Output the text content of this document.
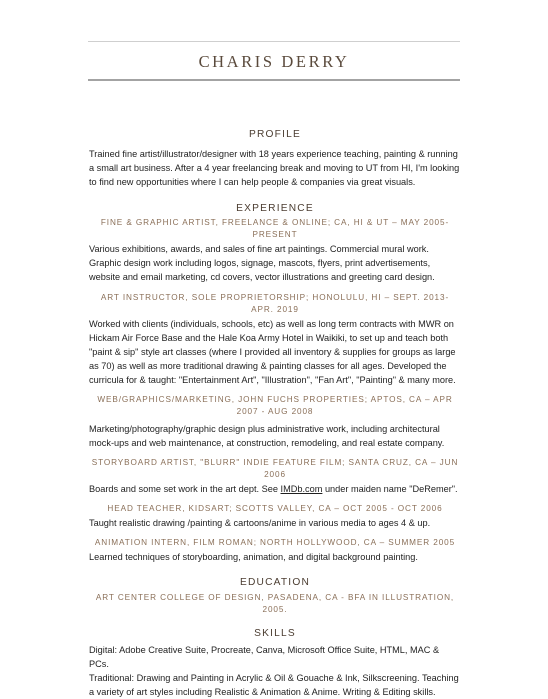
CHARIS DERRY

PROFILE

Trained fine artist/illustrator/designer with 18 years experience teaching, painting & running a small art business. After a 4 year freelancing break and moving to UT from HI, I'm looking to find new opportunities where I can help people & companies via great visuals.

EXPERIENCE

FINE & GRAPHIC ARTIST, FREELANCE & ONLINE; CA, HI & UT – MAY 2005-PRESENT

Various exhibitions, awards, and sales of fine art paintings. Commercial mural work. Graphic design work including logos, signage, mascots, flyers, print advertisements, website and email marketing, cd covers, vector illustrations and greeting card design.

ART INSTRUCTOR, SOLE PROPRIETORSHIP; HONOLULU, HI – SEPT. 2013- APR. 2019

Worked with clients (individuals, schools, etc) as well as long term contracts with MWR on Hickam Air Force Base and the Hale Koa Army Hotel in Waikiki, to set up and teach both "paint & sip" style art classes (where I provided all inventory & supplies for groups as large as 70) as well as more traditional drawing & painting classes for all ages. Developed the curricula for & taught: "Entertainment Art", "Illustration", "Fan Art", "Painting" & many more.

WEB/GRAPHICS/MARKETING, JOHN FUCHS PROPERTIES; APTOS, CA – APR 2007 - AUG 2008

Marketing/photography/graphic design plus administrative work, including architectural mock-ups and web maintenance, at construction, remodeling, and real estate company.

STORYBOARD ARTIST, "BLURR" INDIE FEATURE FILM; SANTA CRUZ, CA – JUN 2006

Boards and some set work in the art dept. See IMDb.com under maiden name "DeRemer".

HEAD TEACHER, KIDSART; SCOTTS VALLEY, CA – OCT 2005 - OCT 2006

Taught realistic drawing /painting & cartoons/anime in various media to ages 4 & up.

ANIMATION INTERN, FILM ROMAN; NORTH HOLLYWOOD, CA – SUMMER 2005

Learned techniques of storyboarding, animation, and digital background painting.

EDUCATION

ART CENTER COLLEGE OF DESIGN, PASADENA, CA - BFA IN ILLUSTRATION, 2005.

SKILLS

Digital: Adobe Creative Suite, Procreate, Canva, Microsoft Office Suite, HTML, MAC & PCs.

Traditional: Drawing and Painting in Acrylic & Oil & Gouache & Ink, Silkscreening. Teaching a variety of art styles including Realistic & Animation & Anime. Writing & Editing skills.
